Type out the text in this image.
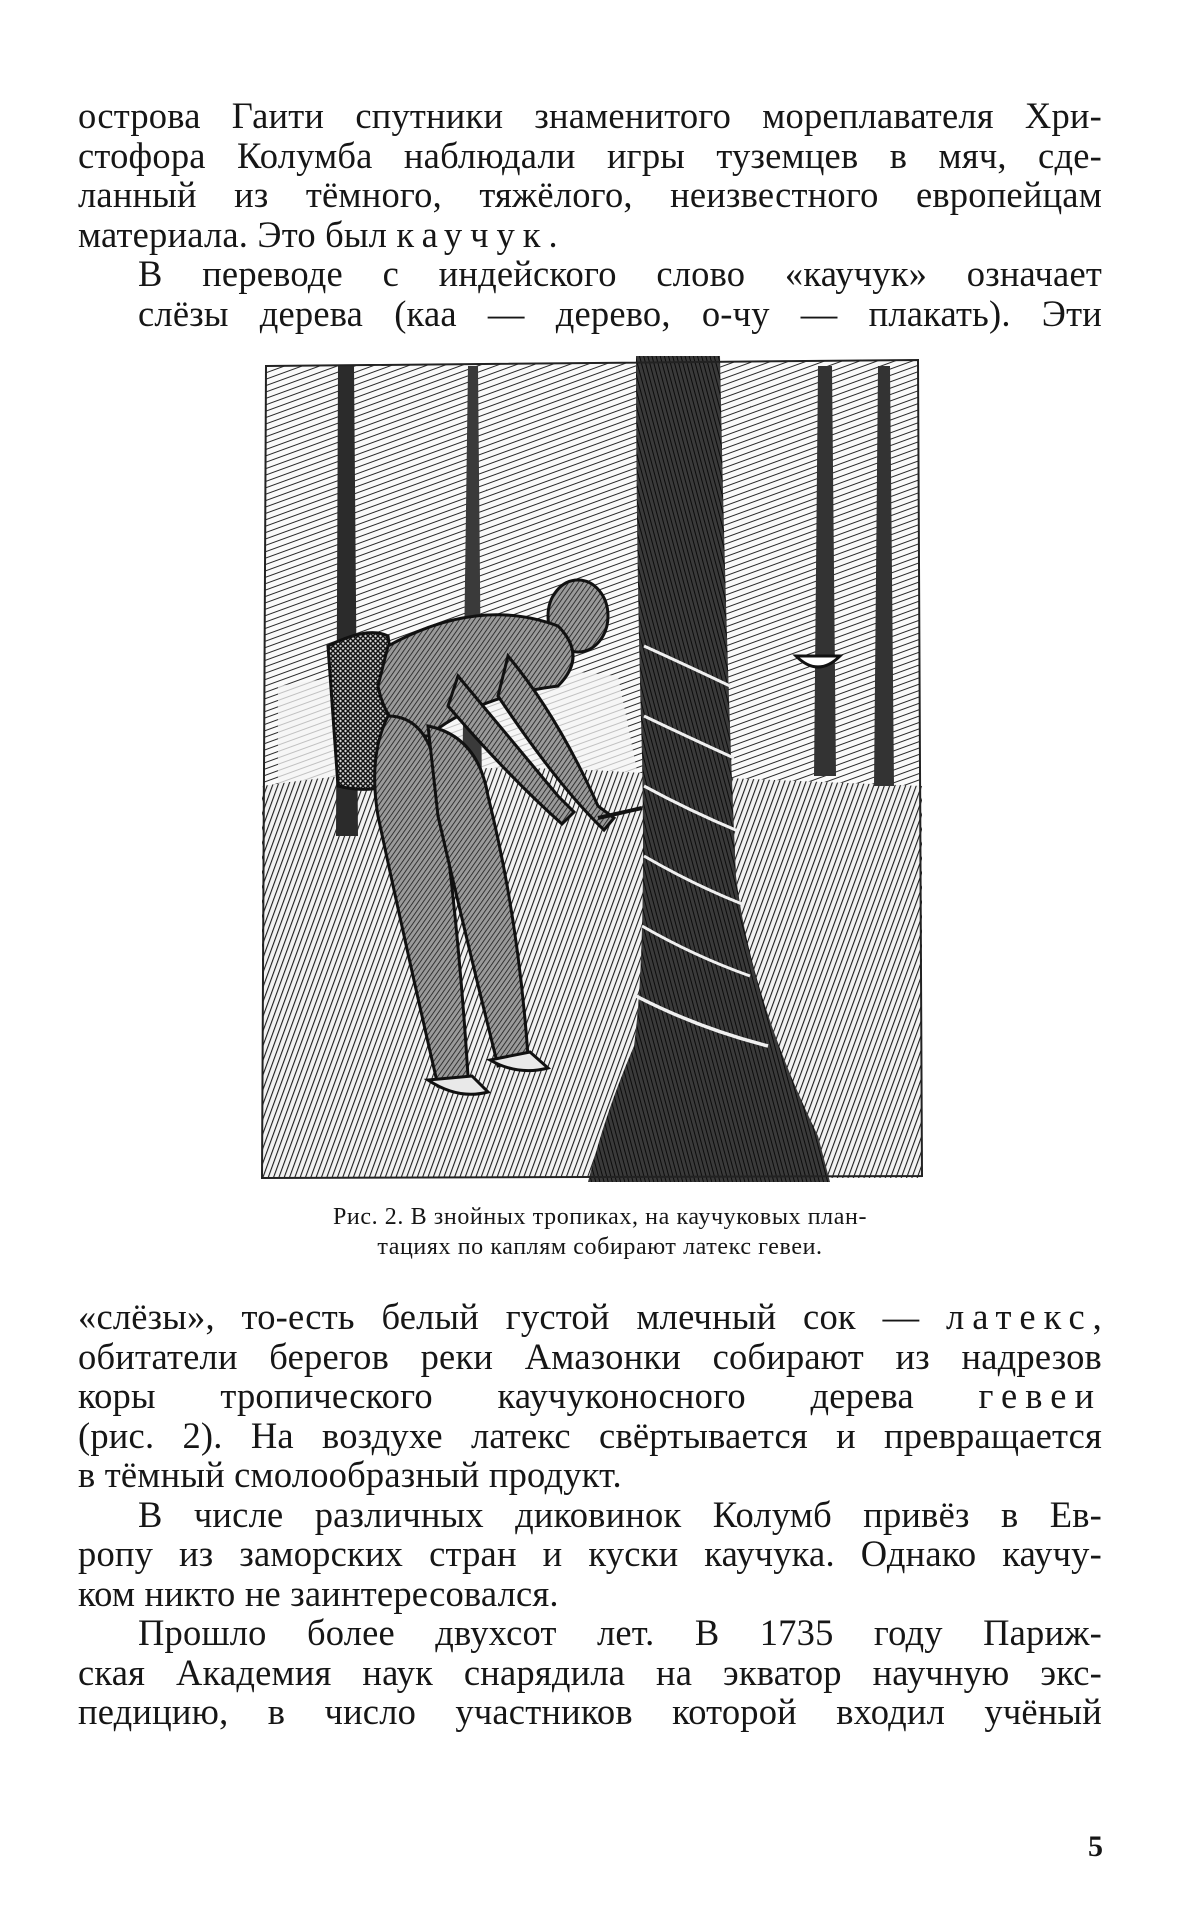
острова Гаити спутники знаменитого мореплавателя Хри-
стофора Колумба наблюдали игры туземцев в мяч, сде-
ланный из тёмного, тяжёлого, неизвестного европейцам
материала. Это был каучук.

В переводе с индейского слово «каучук» означает
слёзы дерева (каа — дерево, о-чу — плакать). Эти

Рис. 2. В знойных тропиках, на каучуковых план-
тациях по каплям собирают латекс гевеи.

«слёзы», то-есть белый густой млечный сок — латекс,
обитатели берегов реки Амазонки собирают из надрезов
коры тропического каучуконосного дерева гевеи
(рис. 2). На воздухе латекс свёртывается и превращается
в тёмный смолообразный продукт.

В числе различных диковинок Колумб привёз в Ев-
ропу из заморских стран и куски каучука. Однако каучу-
ком никто не заинтересовался.

Прошло более двухсот лет. В 1735 году Париж-
ская Академия наук снарядила на экватор научную экс-
педицию, в число участников которой входил учёный

5
